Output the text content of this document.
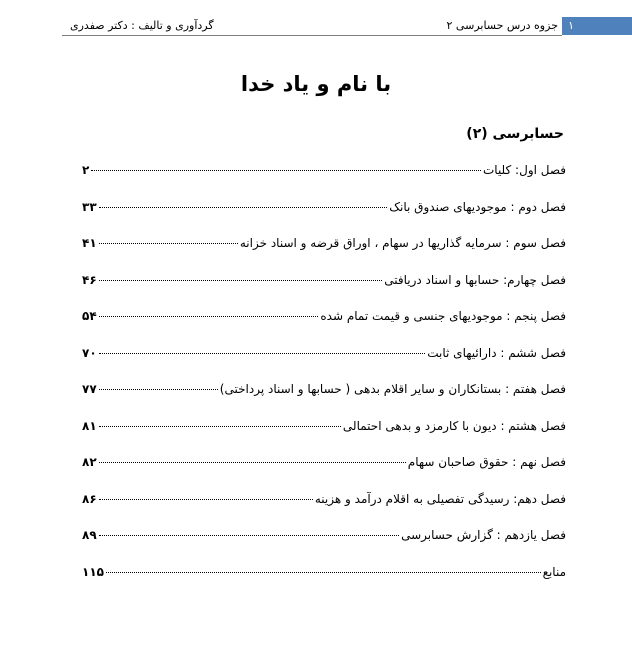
۱
جزوه درس حسابرسی ۲
گردآوری و تالیف : دکتر صفدری
با نام و یاد خدا
حسابرسی (۲)
فصل اول: کلیات
۲
فصل دوم : موجودیهای صندوق بانک
۳۳
فصل سوم : سرمایه گذاریها در سهام ، اوراق قرضه و اسناد خزانه
۴۱
فصل چهارم: حسابها و اسناد دریافتی
۴۶
فصل پنجم : موجودیهای جنسی و قیمت تمام شده
۵۴
فصل ششم : دارائیهای ثابت
۷۰
فصل هفتم : بستانکاران و سایر اقلام بدهی ( حسابها و اسناد پرداختی)
۷۷
فصل هشتم : دیون با کارمزد و بدهی احتمالی
۸۱
فصل نهم : حقوق صاحبان سهام
۸۲
فصل دهم: رسیدگی تفصیلی به اقلام درآمد و هزینه
۸۶
فصل یازدهم : گزارش حسابرسی
۸۹
منابع
۱۱۵
